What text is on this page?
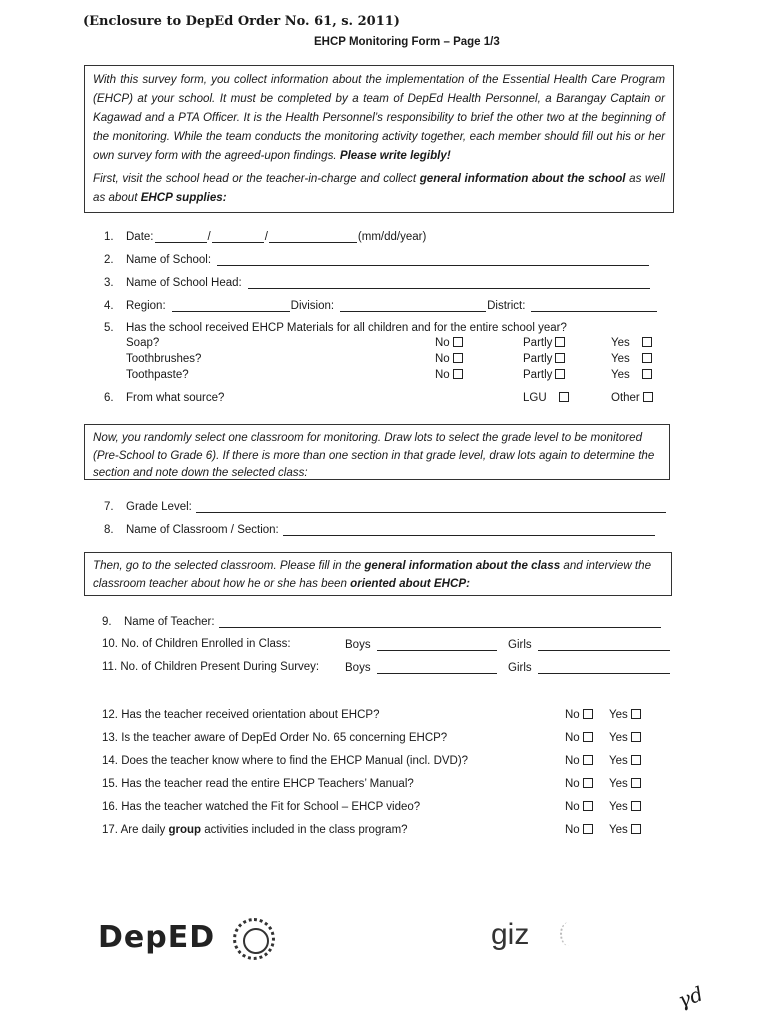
(Enclosure to DepEd Order No. 61, s. 2011)
EHCP Monitoring Form – Page 1/3

With this survey form, you collect information about the implementation of the Essential Health Care Program (EHCP) at your school. It must be completed by a team of DepEd Health Personnel, a Barangay Captain or Kagawad and a PTA Officer. It is the Health Personnel’s responsibility to brief the other two at the beginning of the monitoring. While the team conducts the monitoring activity together, each member should fill out his or her own survey form with the agreed-upon findings. Please write legibly!

First, visit the school head or the teacher-in-charge and collect general information about the school as well as about EHCP supplies:

1.	Date:	/	/	(mm/dd/year)
2.	Name of School:
3.	Name of School Head:
4.	Region:	Division:	District:
5.	Has the school received EHCP Materials for all children and for the entire school year?
Soap?	No	Partly	Yes
Toothbrushes?	No	Partly	Yes
Toothpaste?	No	Partly	Yes
6. From what source?	LGU	Other
Now, you randomly select one classroom for monitoring. Draw lots to select the grade level to be monitored (Pre-School to Grade 6). If there is more than one section in that grade level, draw lots again to determine the section and note down the selected class:
7.	Grade Level:
8.	Name of Classroom / Section:
Then, go to the selected classroom. Please fill in the general information about the class and interview the classroom teacher about how he or she has been oriented about EHCP:
9.	Name of Teacher:
10. No. of Children Enrolled in Class:	Boys	Girls
11. No. of Children Present During Survey: Boys	Girls
12. Has the teacher received orientation about EHCP?	No	Yes
13. Is the teacher aware of DepEd Order No. 65 concerning EHCP?	No	Yes
14. Does the teacher know where to find the EHCP Manual (incl. DVD)?	No	Yes
15. Has the teacher read the entire EHCP Teachers’ Manual?	No	Yes
16. Has the teacher watched the Fit for School – EHCP video?	No	Yes
17. Are daily group activities included in the class program?	No	Yes
DepED	giz
γd
